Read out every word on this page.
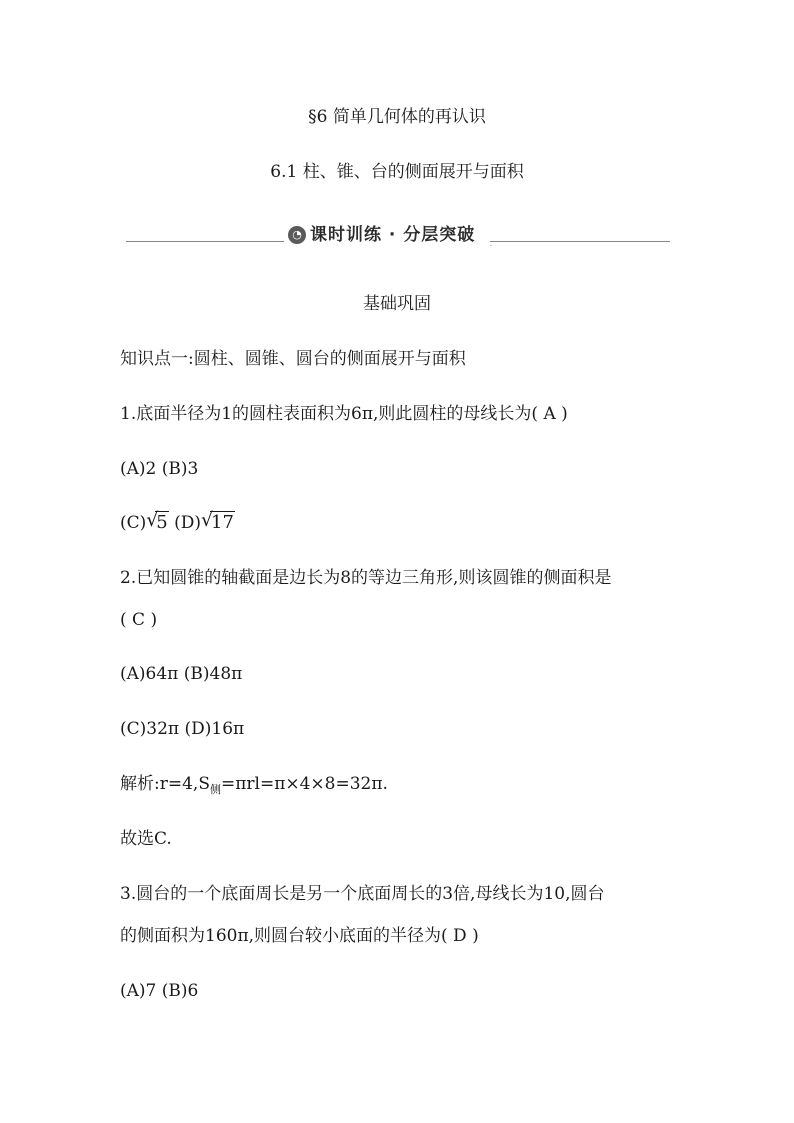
§6 简单几何体的再认识
6.1 柱、锥、台的侧面展开与面积
◔ 课时训练 · 分层突破
基础巩固
知识点一:圆柱、圆锥、圆台的侧面展开与面积
1.底面半径为1的圆柱表面积为6π,则此圆柱的母线长为( A )
(A)2 (B)3
(C) √
5 (D) √
17
2.已知圆锥的轴截面是边长为8的等边三角形,则该圆锥的侧面积是
( C )
(A)64π (B)48π
(C)32π (D)16π
解析$:r=4,S_侧=\pi rl=\pi\times 4\times 8=32\pi$.
故选C.
3.圆台的一个底面周长是另一个底面周长的3倍,母线长为10,圆台
的侧面积为160π,则圆台较小底面的半径为( D )
(A)7 (B)6
